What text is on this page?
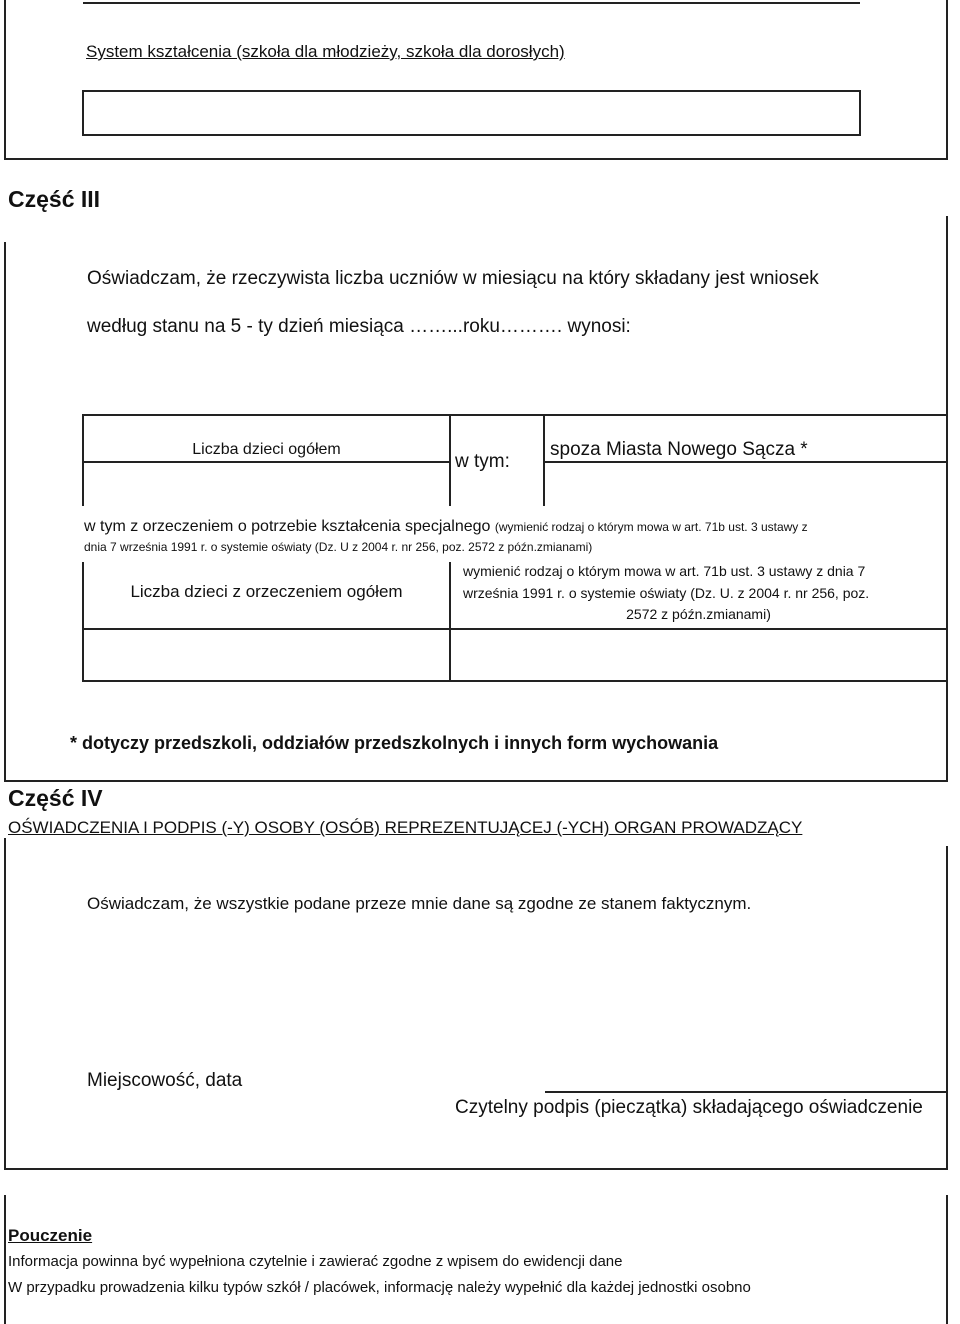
System kształcenia (szkoła dla młodzieży, szkoła dla dorosłych)
Część III
Oświadczam, że rzeczywista liczba uczniów w miesiącu na który składany jest wniosek
według stanu na 5 - ty dzień miesiąca ……...roku………. wynosi:
Liczba dzieci ogółem
w tym:
spoza Miasta Nowego Sącza *
w tym z orzeczeniem o potrzebie kształcenia specjalnego (wymienić rodzaj o którym mowa w art. 71b ust. 3 ustawy z
dnia 7 września 1991 r. o systemie oświaty (Dz. U z 2004 r. nr 256, poz. 2572 z późn.zmianami)
Liczba dzieci z orzeczeniem ogółem
wymienić rodzaj o którym mowa w art. 71b ust. 3 ustawy z dnia 7
września 1991 r. o systemie oświaty (Dz. U. z 2004 r. nr 256, poz.
2572 z późn.zmianami)
* dotyczy przedszkoli, oddziałów przedszkolnych i innych form wychowania
Część IV
OŚWIADCZENIA I PODPIS (-Y) OSOBY (OSÓB) REPREZENTUJĄCEJ (-YCH) ORGAN PROWADZĄCY
Oświadczam, że wszystkie podane przeze mnie dane są zgodne ze stanem faktycznym.
Miejscowość, data
Czytelny podpis (pieczątka) składającego oświadczenie
Pouczenie
Informacja powinna być wypełniona czytelnie i zawierać zgodne z wpisem do ewidencji dane
W przypadku prowadzenia kilku typów szkół / placówek, informację należy wypełnić dla każdej jednostki osobno
